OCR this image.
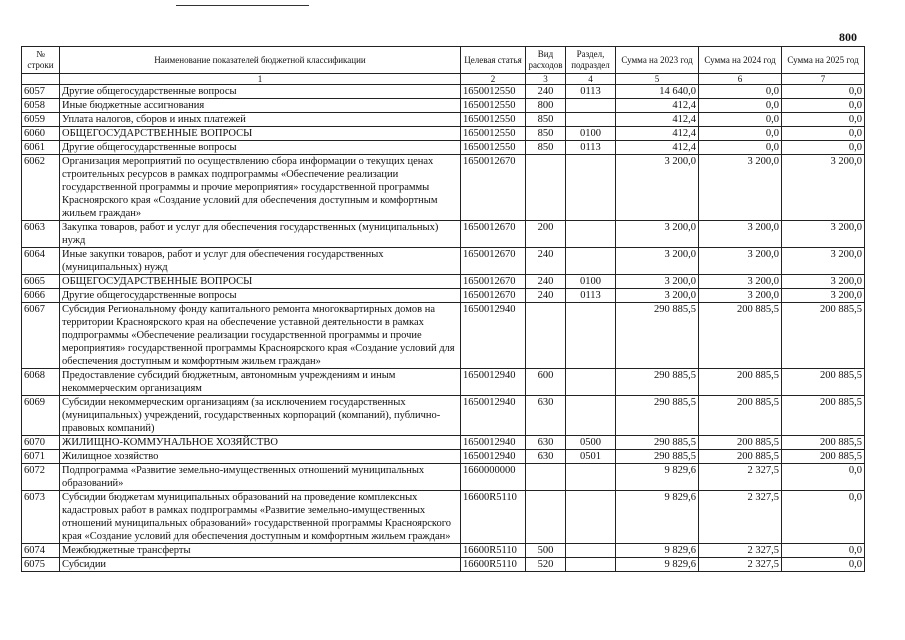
800
№ строки	Наименование показателей бюджетной классификации	Целевая статья	Вид расходов	Раздел, подраздел	Сумма на 2023 год	Сумма на 2024 год	Сумма на 2025 год
	1	2	3	4	5	6	7
6057	Другие общегосударственные вопросы	1650012550	240	0113	14 640,0	0,0	0,0
6058	Иные бюджетные ассигнования	1650012550	800		412,4	0,0	0,0
6059	Уплата налогов, сборов и иных платежей	1650012550	850		412,4	0,0	0,0
6060	ОБЩЕГОСУДАРСТВЕННЫЕ ВОПРОСЫ	1650012550	850	0100	412,4	0,0	0,0
6061	Другие общегосударственные вопросы	1650012550	850	0113	412,4	0,0	0,0
6062	Организация мероприятий по осуществлению сбора информации о текущих ценах строительных ресурсов в рамках подпрограммы «Обеспечение реализации государственной программы и прочие мероприятия» государственной программы Красноярского края «Создание условий для обеспечения доступным и комфортным жильем граждан»	1650012670			3 200,0	3 200,0	3 200,0
6063	Закупка товаров, работ и услуг для обеспечения государственных (муниципальных) нужд	1650012670	200		3 200,0	3 200,0	3 200,0
6064	Иные закупки товаров, работ и услуг для обеспечения государственных (муниципальных) нужд	1650012670	240		3 200,0	3 200,0	3 200,0
6065	ОБЩЕГОСУДАРСТВЕННЫЕ ВОПРОСЫ	1650012670	240	0100	3 200,0	3 200,0	3 200,0
6066	Другие общегосударственные вопросы	1650012670	240	0113	3 200,0	3 200,0	3 200,0
6067	Субсидия Региональному фонду капитального ремонта многоквартирных домов на территории Красноярского края на обеспечение уставной деятельности в рамках подпрограммы «Обеспечение реализации государственной программы и прочие мероприятия» государственной программы Красноярского края «Создание условий для обеспечения доступным и комфортным жильем граждан»	1650012940			290 885,5	200 885,5	200 885,5
6068	Предоставление субсидий бюджетным, автономным учреждениям и иным некоммерческим организациям	1650012940	600		290 885,5	200 885,5	200 885,5
6069	Субсидии некоммерческим организациям (за исключением государственных (муниципальных) учреждений, государственных корпораций (компаний), публично-правовых компаний)	1650012940	630		290 885,5	200 885,5	200 885,5
6070	ЖИЛИЩНО-КОММУНАЛЬНОЕ ХОЗЯЙСТВО	1650012940	630	0500	290 885,5	200 885,5	200 885,5
6071	Жилищное хозяйство	1650012940	630	0501	290 885,5	200 885,5	200 885,5
6072	Подпрограмма «Развитие земельно-имущественных отношений муниципальных образований»	1660000000			9 829,6	2 327,5	0,0
6073	Субсидии бюджетам муниципальных образований на проведение комплексных кадастровых работ в рамках подпрограммы «Развитие земельно-имущественных отношений муниципальных образований» государственной программы Красноярского края «Создание условий для обеспечения доступным и комфортным жильем граждан»	16600R5110			9 829,6	2 327,5	0,0
6074	Межбюджетные трансферты	16600R5110	500		9 829,6	2 327,5	0,0
6075	Субсидии	16600R5110	520		9 829,6	2 327,5	0,0
